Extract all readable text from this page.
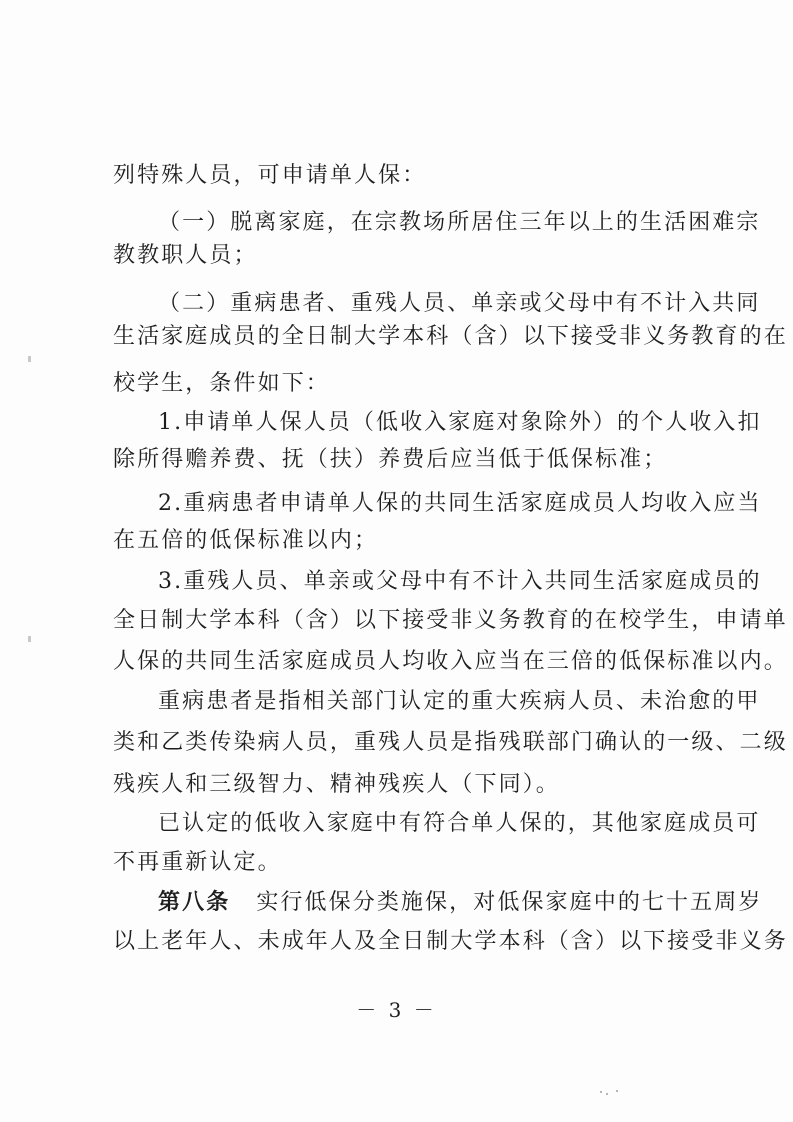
列特殊人员，可申请单人保：
（一）脱离家庭，在宗教场所居住三年以上的生活困难宗
教教职人员；
（二）重病患者、重残人员、单亲或父母中有不计入共同
生活家庭成员的全日制大学本科（含）以下接受非义务教育的在
校学生，条件如下：
1.申请单人保人员（低收入家庭对象除外）的个人收入扣
除所得赡养费、抚（扶）养费后应当低于低保标准；
2.重病患者申请单人保的共同生活家庭成员人均收入应当
在五倍的低保标准以内；
3.重残人员、单亲或父母中有不计入共同生活家庭成员的
全日制大学本科（含）以下接受非义务教育的在校学生，申请单
人保的共同生活家庭成员人均收入应当在三倍的低保标准以内。
重病患者是指相关部门认定的重大疾病人员、未治愈的甲
类和乙类传染病人员，重残人员是指残联部门确认的一级、二级
残疾人和三级智力、精神残疾人（下同）。
已认定的低收入家庭中有符合单人保的，其他家庭成员可
不再重新认定。
第八条 实行低保分类施保，对低保家庭中的七十五周岁
以上老年人、未成年人及全日制大学本科（含）以下接受非义务
－ 3 －
